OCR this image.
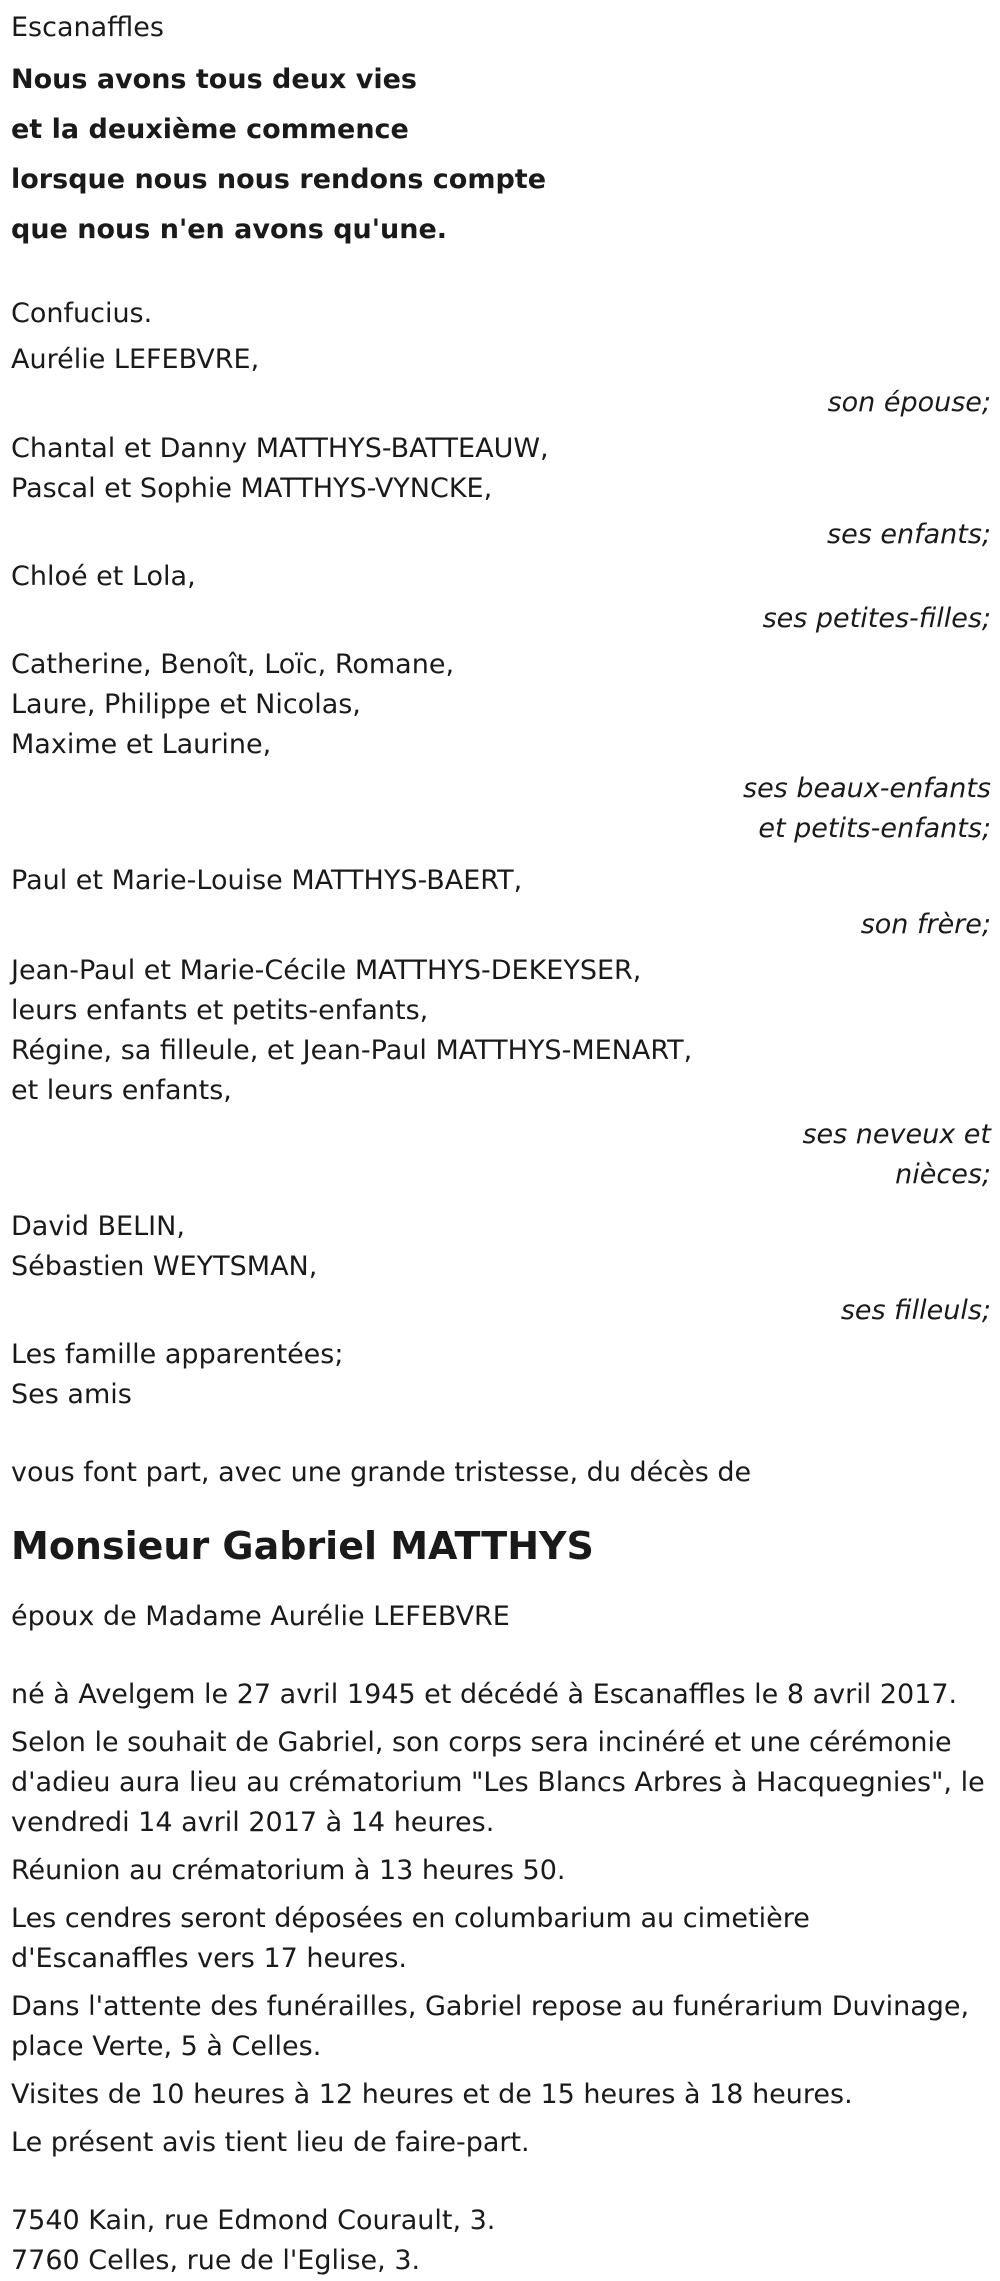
Escanaffles
Nous avons tous deux vies
et la deuxième commence
lorsque nous nous rendons compte
que nous n'en avons qu'une.
Confucius.
Aurélie LEFEBVRE,
son épouse;
Chantal et Danny MATTHYS-BATTEAUW,
Pascal et Sophie MATTHYS-VYNCKE,
ses enfants;
Chloé et Lola,
ses petites-filles;
Catherine, Benoît, Loïc, Romane,
Laure, Philippe et Nicolas,
Maxime et Laurine,
ses beaux-enfants
et petits-enfants;
Paul et Marie-Louise MATTHYS-BAERT,
son frère;
Jean-Paul et Marie-Cécile MATTHYS-DEKEYSER,
leurs enfants et petits-enfants,
Régine, sa filleule, et Jean-Paul MATTHYS-MENART,
et leurs enfants,
ses neveux et
nièces;
David BELIN,
Sébastien WEYTSMAN,
ses filleuls;
Les famille apparentées;
Ses amis
vous font part, avec une grande tristesse, du décès de
Monsieur Gabriel MATTHYS
époux de Madame Aurélie LEFEBVRE
né à Avelgem le 27 avril 1945 et décédé à Escanaffles le 8 avril 2017.
Selon le souhait de Gabriel, son corps sera incinéré et une cérémonie d'adieu aura lieu au crématorium "Les Blancs Arbres à Hacquegnies", le vendredi 14 avril 2017 à 14 heures.
Réunion au crématorium à 13 heures 50.
Les cendres seront déposées en columbarium au cimetière d'Escanaffles vers 17 heures.
Dans l'attente des funérailles, Gabriel repose au funérarium Duvinage, place Verte, 5 à Celles.
Visites de 10 heures à 12 heures et de 15 heures à 18 heures.
Le présent avis tient lieu de faire-part.
7540 Kain, rue Edmond Courault, 3.
7760 Celles, rue de l'Eglise, 3.
